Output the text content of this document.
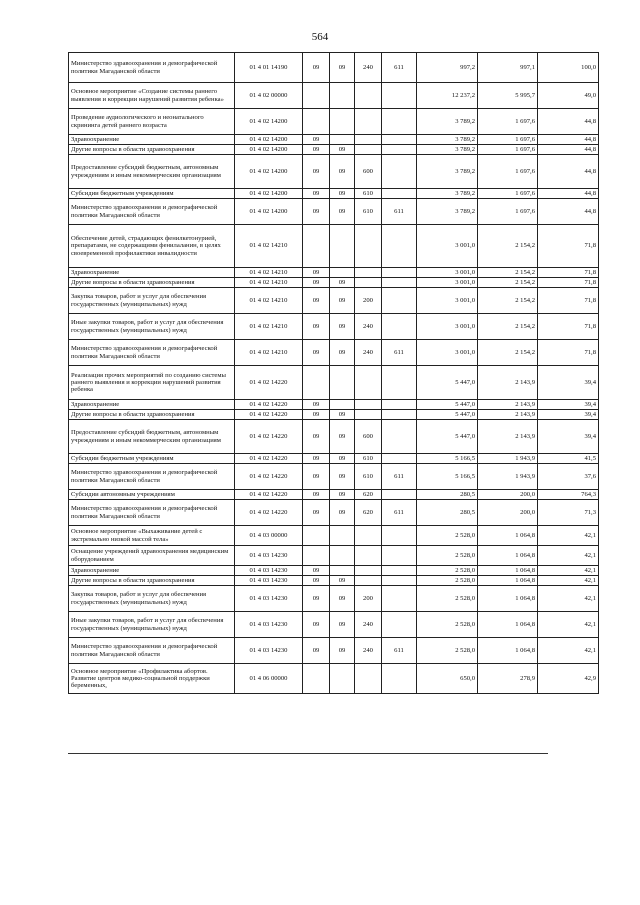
564
Министерство здравоохранения и демографической политики Магаданской области	01 4 01 14190	09	09	240	611	997,2	997,1	100,0
Основное мероприятие «Создание системы раннего выявления и коррекции нарушений развития ребенка»	01 4 02 00000					12 237,2	5 995,7	49,0
Проведение аудиологического и неонатального скрининга детей раннего возраста	01 4 02 14200					3 789,2	1 697,6	44,8
Здравоохранение	01 4 02 14200	09				3 789,2	1 697,6	44,8
Другие вопросы в области здравоохранения	01 4 02 14200	09	09			3 789,2	1 697,6	44,8
Предоставление субсидий бюджетным, автономным учреждениям и иным некоммерческим организациям	01 4 02 14200	09	09	600		3 789,2	1 697,6	44,8
Субсидии бюджетным учреждениям	01 4 02 14200	09	09	610		3 789,2	1 697,6	44,8
Министерство здравоохранения и демографической политики Магаданской области	01 4 02 14200	09	09	610	611	3 789,2	1 697,6	44,8
Обеспечение детей, страдающих фенилкетонурией, препаратами, не содержащими фенилаланин, в целях своевременной профилактики инвалидности	01 4 02 14210					3 001,0	2 154,2	71,8
Здравоохранение	01 4 02 14210	09				3 001,0	2 154,2	71,8
Другие вопросы в области здравоохранения	01 4 02 14210	09	09			3 001,0	2 154,2	71,8
Закупка товаров, работ и услуг для обеспечения государственных (муниципальных) нужд	01 4 02 14210	09	09	200		3 001,0	2 154,2	71,8
Иные закупки товаров, работ и услуг для обеспечения государственных (муниципальных) нужд	01 4 02 14210	09	09	240		3 001,0	2 154,2	71,8
Министерство здравоохранения и демографической политики Магаданской области	01 4 02 14210	09	09	240	611	3 001,0	2 154,2	71,8
Реализация прочих мероприятий по созданию системы раннего выявления и коррекции нарушений развития ребенка	01 4 02 14220					5 447,0	2 143,9	39,4
Здравоохранение	01 4 02 14220	09				5 447,0	2 143,9	39,4
Другие вопросы в области здравоохранения	01 4 02 14220	09	09			5 447,0	2 143,9	39,4
Предоставление субсидий бюджетным, автономным учреждениям и иным некоммерческим организациям	01 4 02 14220	09	09	600		5 447,0	2 143,9	39,4
Субсидии бюджетным учреждениям	01 4 02 14220	09	09	610		5 166,5	1 943,9	41,5
Министерство здравоохранения и демографической политики Магаданской области	01 4 02 14220	09	09	610	611	5 166,5	1 943,9	37,6
Субсидии автономным учреждениям	01 4 02 14220	09	09	620		280,5	200,0	764,3
Министерство здравоохранения и демографической политики Магаданской области	01 4 02 14220	09	09	620	611	280,5	200,0	71,3
Основное мероприятие «Выхаживание детей с экстремально низкой массой тела»	01 4 03 00000					2 528,0	1 064,8	42,1
Оснащение учреждений здравоохранения медицинским оборудованием	01 4 03 14230					2 528,0	1 064,8	42,1
Здравоохранение	01 4 03 14230	09				2 528,0	1 064,8	42,1
Другие вопросы в области здравоохранения	01 4 03 14230	09	09			2 528,0	1 064,8	42,1
Закупка товаров, работ и услуг для обеспечения государственных (муниципальных) нужд	01 4 03 14230	09	09	200		2 528,0	1 064,8	42,1
Иные закупки товаров, работ и услуг для обеспечения государственных (муниципальных) нужд	01 4 03 14230	09	09	240		2 528,0	1 064,8	42,1
Министерство здравоохранения и демографической политики Магаданской области	01 4 03 14230	09	09	240	611	2 528,0	1 064,8	42,1
Основное мероприятие «Профилактика абортов. Развитие центров медико-социальной поддержки беременных,	01 4 06 00000					650,0	278,9	42,9
